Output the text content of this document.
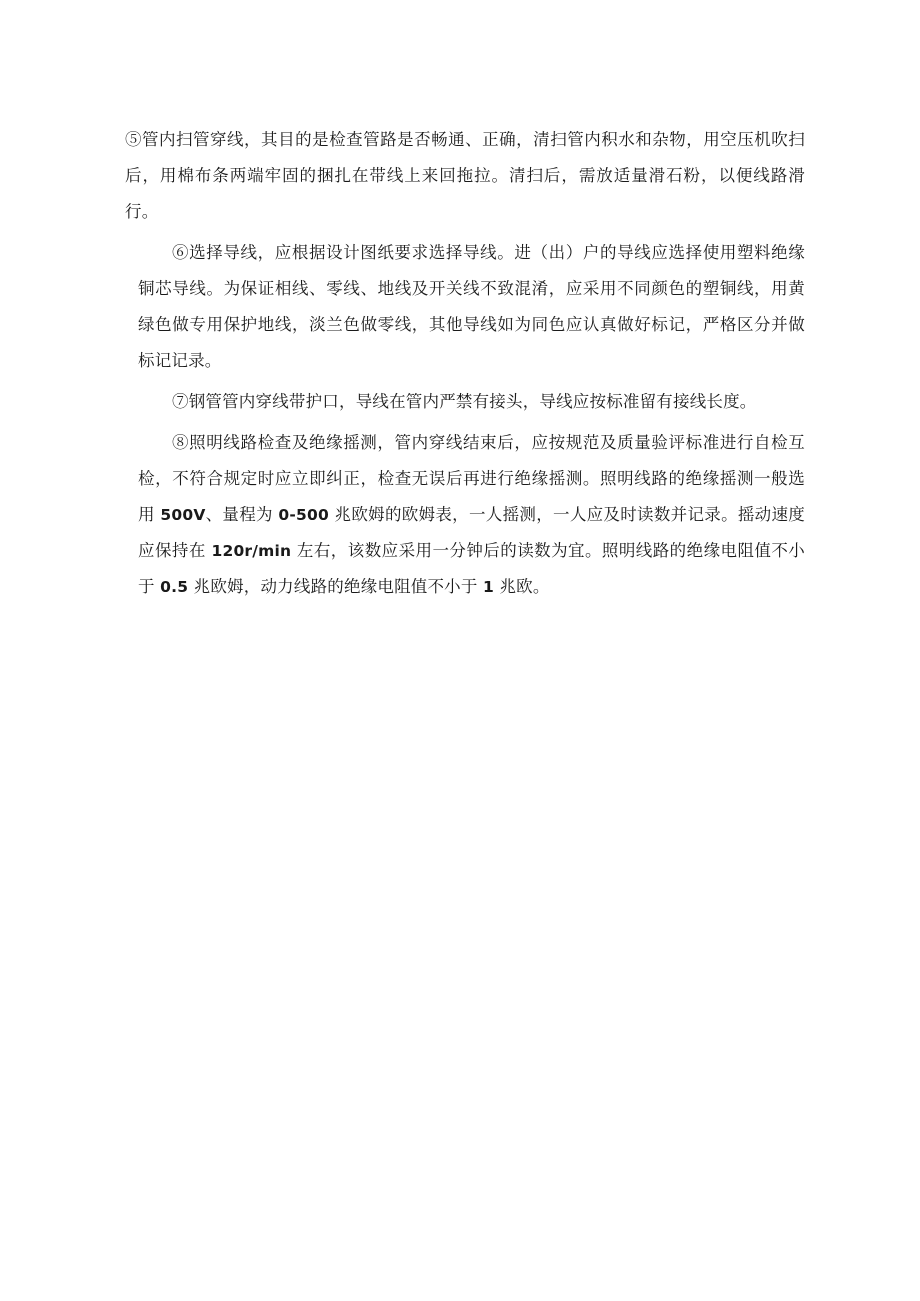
⑤管内扫管穿线，其目的是检查管路是否畅通、正确，清扫管内积水和杂物，用空压机吹扫后，用棉布条两端牢固的捆扎在带线上来回拖拉。清扫后，需放适量滑石粉，以便线路滑行。

⑥选择导线，应根据设计图纸要求选择导线。进（出）户的导线应选择使用塑料绝缘铜芯导线。为保证相线、零线、地线及开关线不致混淆，应采用不同颜色的塑铜线，用黄绿色做专用保护地线，淡兰色做零线，其他导线如为同色应认真做好标记，严格区分并做标记记录。

⑦钢管管内穿线带护口，导线在管内严禁有接头，导线应按标准留有接线长度。

⑧照明线路检查及绝缘摇测，管内穿线结束后，应按规范及质量验评标准进行自检互检，不符合规定时应立即纠正，检查无误后再进行绝缘摇测。照明线路的绝缘摇测一般选用 500V、量程为 0-500 兆欧姆的欧姆表，一人摇测，一人应及时读数并记录。摇动速度应保持在 120r/min 左右，该数应采用一分钟后的读数为宜。照明线路的绝缘电阻值不小于 0.5 兆欧姆，动力线路的绝缘电阻值不小于 1 兆欧。
